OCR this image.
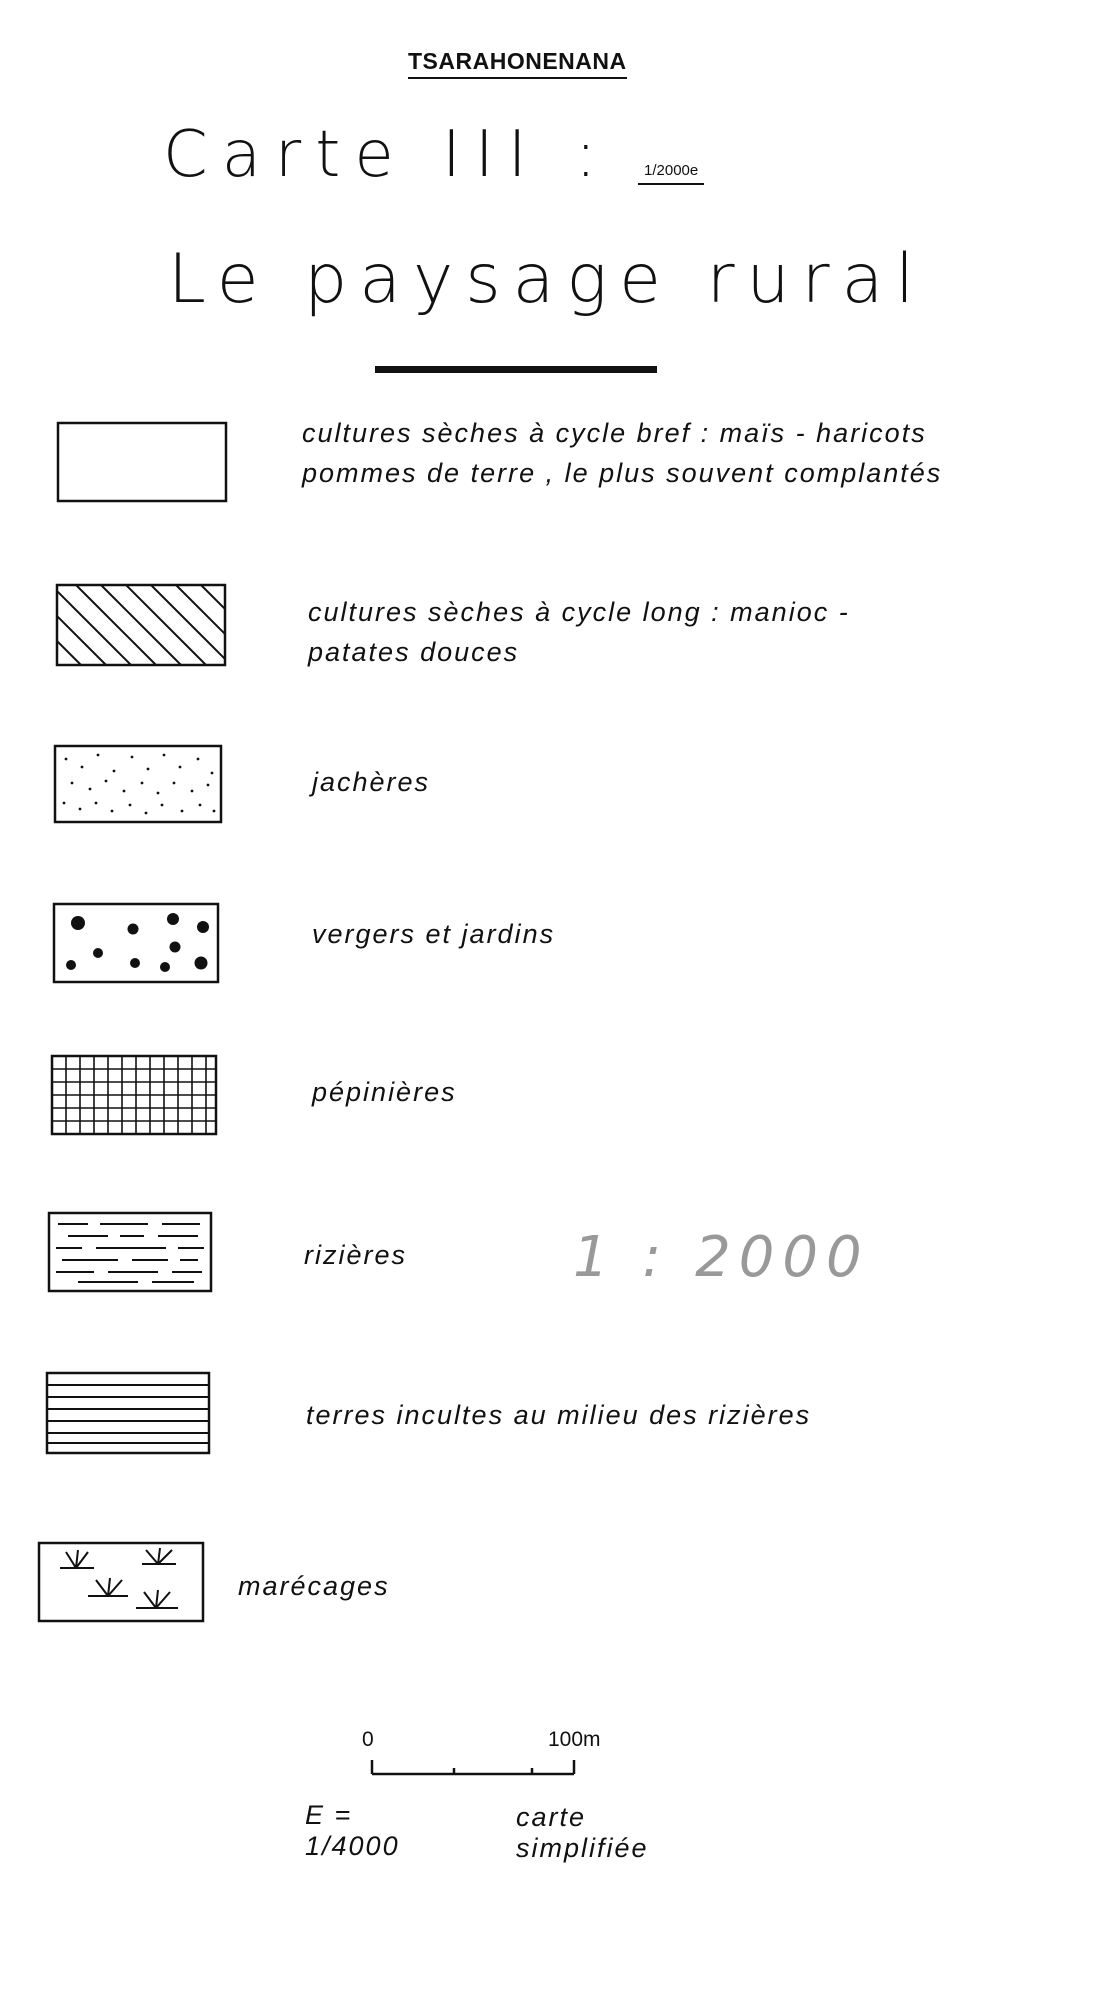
TSARAHONENANA
Carte III :	1/2000e
Le paysage rural
cultures sèches à cycle bref : maïs - haricots
pommes de terre , le plus souvent complantés
cultures sèches à cycle long : manioc -
patates douces
jachères
vergers et jardins
pépinières
rizières	1 : 2000
terres incultes au milieu des rizières
marécages
0	100m
E = 1/4000
carte simplifiée
